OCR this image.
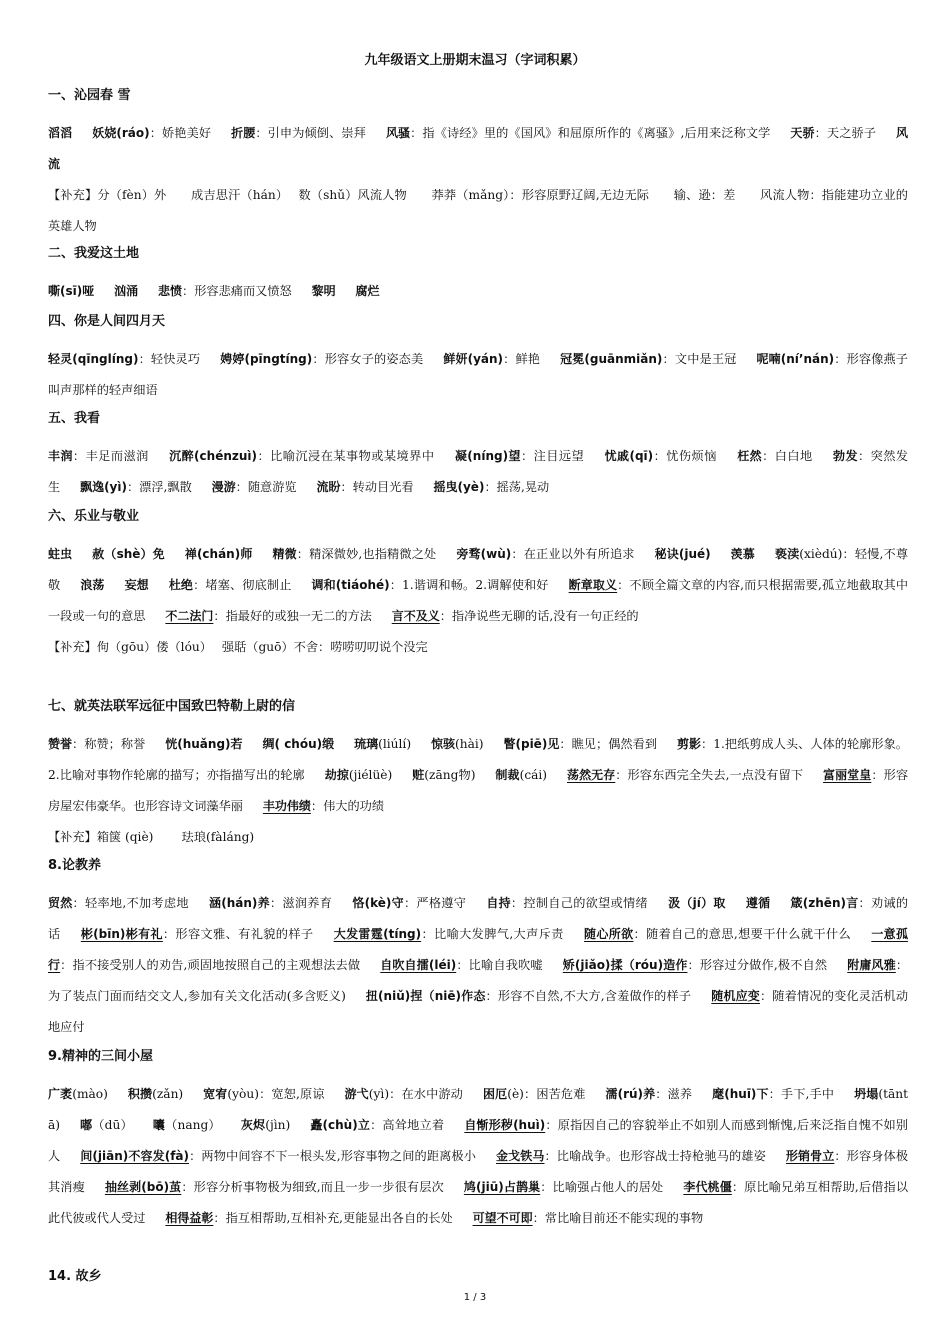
九年级语文上册期末温习（字词积累）
一、沁园春 雪
滔滔 妖娆(ráo)：娇艳美好 折腰：引申为倾倒、崇拜 风骚：指《诗经》里的《国风》和屈原所作的《离骚》,后用来泛称文学 天骄：天之骄子 风流
【补充】分（fèn）外　　成吉思汗（hán）　 数（shǔ）风流人物　　莽莽（mǎng）：形容原野辽阔,无边无际　　输、逊：差　　风流人物：指能建功立业的英雄人物
二、我爱这土地
嘶(sī)哑 汹涌 悲愤：形容悲痛而又愤怒 黎明 腐烂
四、你是人间四月天
轻灵(qīnglíng)：轻快灵巧 娉婷(pīngtíng)：形容女子的姿态美 鲜妍(yán)：鲜艳 冠冕(guānmiǎn)：文中是王冠 呢喃(ní’nán)：形容像燕子叫声那样的轻声细语
五、我看
丰润：丰足而滋润 沉醉(chénzuì)：比喻沉浸在某事物或某境界中 凝(níng)望：注目远望 忧戚(qī)：忧伤烦恼 枉然：白白地 勃发：突然发生 飘逸(yì)：漂浮,飘散 漫游：随意游览 流盼：转动目光看 摇曳(yè)：摇荡,晃动
六、乐业与敬业
蛀虫 赦（shè）免 禅(chán)师 精微：精深微妙,也指精微之处 旁骛(wù)：在正业以外有所追求 秘诀(jué) 羡慕 亵渎(xièdú)：轻慢,不尊敬 浪荡 妄想 杜绝：堵塞、彻底制止 调和(tiáohé)：1.谐调和畅。2.调解使和好 断章取义：不顾全篇文章的内容,而只根据需要,孤立地截取其中一段或一句的意思 不二法门：指最好的或独一无二的方法 言不及义：指净说些无聊的话,没有一句正经的
【补充】佝（gōu）偻（lóu）　 强聒（guō）不舍：唠唠叨叨说个没完
七、就英法联军远征中国致巴特勒上尉的信
赞誉：称赞；称誉 恍(huǎng)若 绸( chóu)缎 琉璃(liúlí) 惊骇(hài) 瞥(piē)见：瞧见；偶然看到 剪影：1.把纸剪成人头、人体的轮廓形象。2.比喻对事物作轮廓的描写；亦指描写出的轮廓 劫掠(jiélüè) 赃(zāng物) 制裁(cái) 荡然无存：形容东西完全失去,一点没有留下 富丽堂皇：形容房屋宏伟豪华。也形容诗文词藻华丽 丰功伟绩：伟大的功绩
【补充】箱箧 (qiè)　　 珐琅(fàláng)
8.论教养
贸然：轻率地,不加考虑地 涵(hán)养：滋润养育 恪(kè)守：严格遵守 自持：控制自己的欲望或情绪 汲（jí）取 遵循 箴(zhēn)言：劝诫的话 彬(bīn)彬有礼：形容文雅、有礼貌的样子 大发雷霆(tíng)：比喻大发脾气,大声斥责 随心所欲：随着自己的意思,想要干什么就干什么 一意孤行：指不接受别人的劝告,顽固地按照自己的主观想法去做 自吹自擂(léi)：比喻自我吹嘘 矫(jiǎo)揉（róu)造作：形容过分做作,极不自然 附庸风雅：为了装点门面而结交文人,参加有关文化活动(多含贬义) 扭(niǔ)捏（niē)作态：形容不自然,不大方,含羞做作的样子 随机应变：随着情况的变化灵活机动地应付
9.精神的三间小屋
广袤(mào) 积攒(zǎn) 宽宥(yòu)：宽恕,原谅 游弋(yì)：在水中游动 困厄(è)：困苦危难 濡(rú)养：滋养 麾(huī)下：手下,手中 坍塌(tāntā) 嘟（dū） 囔（nang） 灰烬(jìn) 矗(chù)立：高耸地立着 自惭形秽(huì)：原指因自己的容貌举止不如别人而感到惭愧,后来泛指自愧不如别人 间(jiān)不容发(fà)：两物中间容不下一根头发,形容事物之间的距离极小 金戈铁马：比喻战争。也形容战士持枪驰马的雄姿 形销骨立：形容身体极其消瘦 抽丝剥(bō)茧：形容分析事物极为细致,而且一步一步很有层次 鸠(jiū)占鹊巢：比喻强占他人的居处 李代桃僵：原比喻兄弟互相帮助,后借指以此代彼或代人受过 相得益彰：指互相帮助,互相补充,更能显出各自的长处 可望不可即：常比喻目前还不能实现的事物
14. 故乡
1 / 3
